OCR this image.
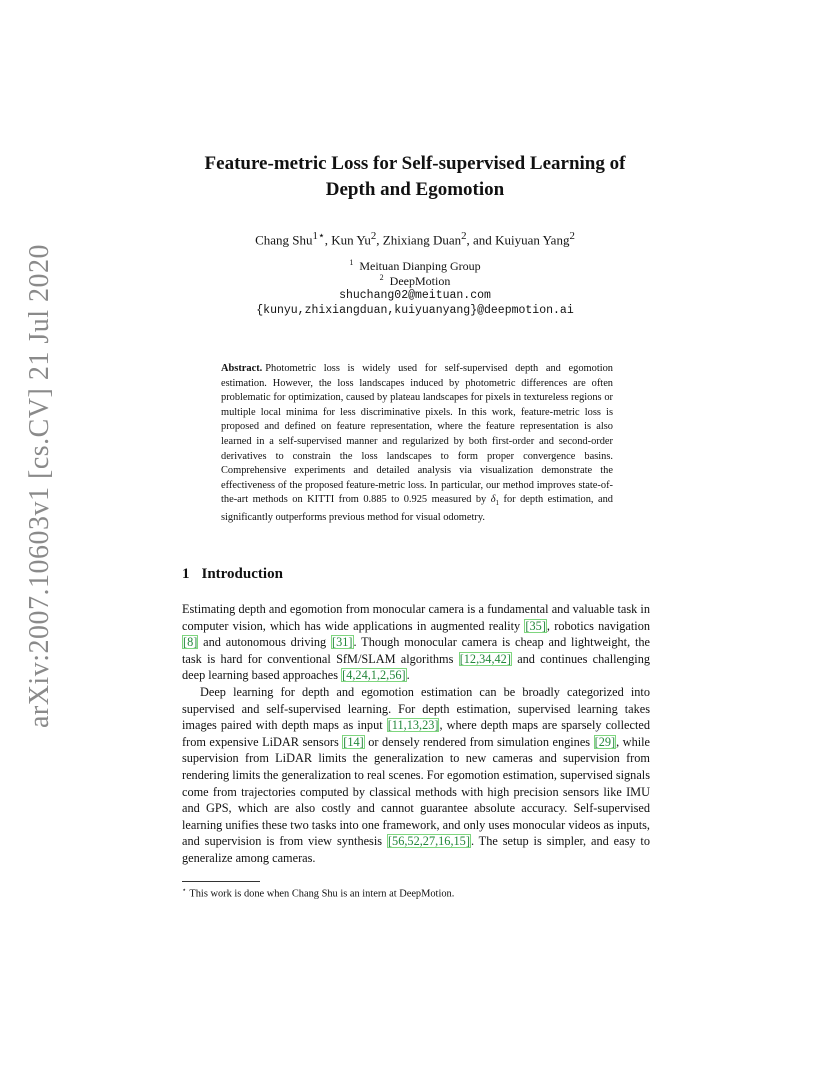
arXiv:2007.10603v1 [cs.CV] 21 Jul 2020
Feature-metric Loss for Self-supervised Learning of
Depth and Egomotion
Chang Shu$^{1⋆}$, Kun Yu$^2$, Zhixiang Duan$^2$, and Kuiyuan Yang$^2$
$^1$ Meituan Dianping Group
$^2$ DeepMotion
shuchang02@meituan.com
{kunyu,zhixiangduan,kuiyuanyang}@deepmotion.ai
Abstract. Photometric loss is widely used for self-supervised depth and egomotion estimation. However, the loss landscapes induced by photometric differences are often problematic for optimization, caused by plateau landscapes for pixels in textureless regions or multiple local minima for less discriminative pixels. In this work, feature-metric loss is proposed and defined on feature representation, where the feature representation is also learned in a self-supervised manner and regularized by both first-order and second-order derivatives to constrain the loss landscapes to form proper convergence basins. Comprehensive experiments and detailed analysis via visualization demonstrate the effectiveness of the proposed feature-metric loss. In particular, our method improves state-of-the-art methods on KITTI from 0.885 to 0.925 measured by $\delta_1$ for depth estimation, and significantly outperforms previous method for visual odometry.
1 Introduction

Estimating depth and egomotion from monocular camera is a fundamental and valuable task in computer vision, which has wide applications in augmented reality [35], robotics navigation [8] and autonomous driving [31]. Though monocular camera is cheap and lightweight, the task is hard for conventional SfM/SLAM algorithms [12,34,42] and continues challenging deep learning based approaches [4,24,1,2,56].

Deep learning for depth and egomotion estimation can be broadly categorized into supervised and self-supervised learning. For depth estimation, supervised learning takes images paired with depth maps as input [11,13,23], where depth maps are sparsely collected from expensive LiDAR sensors [14] or densely rendered from simulation engines [29], while supervision from LiDAR limits the generalization to new cameras and supervision from rendering limits the generalization to real scenes. For egomotion estimation, supervised signals come from trajectories computed by classical methods with high precision sensors like IMU and GPS, which are also costly and cannot guarantee absolute accuracy. Self-supervised learning unifies these two tasks into one framework, and only uses monocular videos as inputs, and supervision is from view synthesis [56,52,27,16,15]. The setup is simpler, and easy to generalize among cameras.

⋆ This work is done when Chang Shu is an intern at DeepMotion.
